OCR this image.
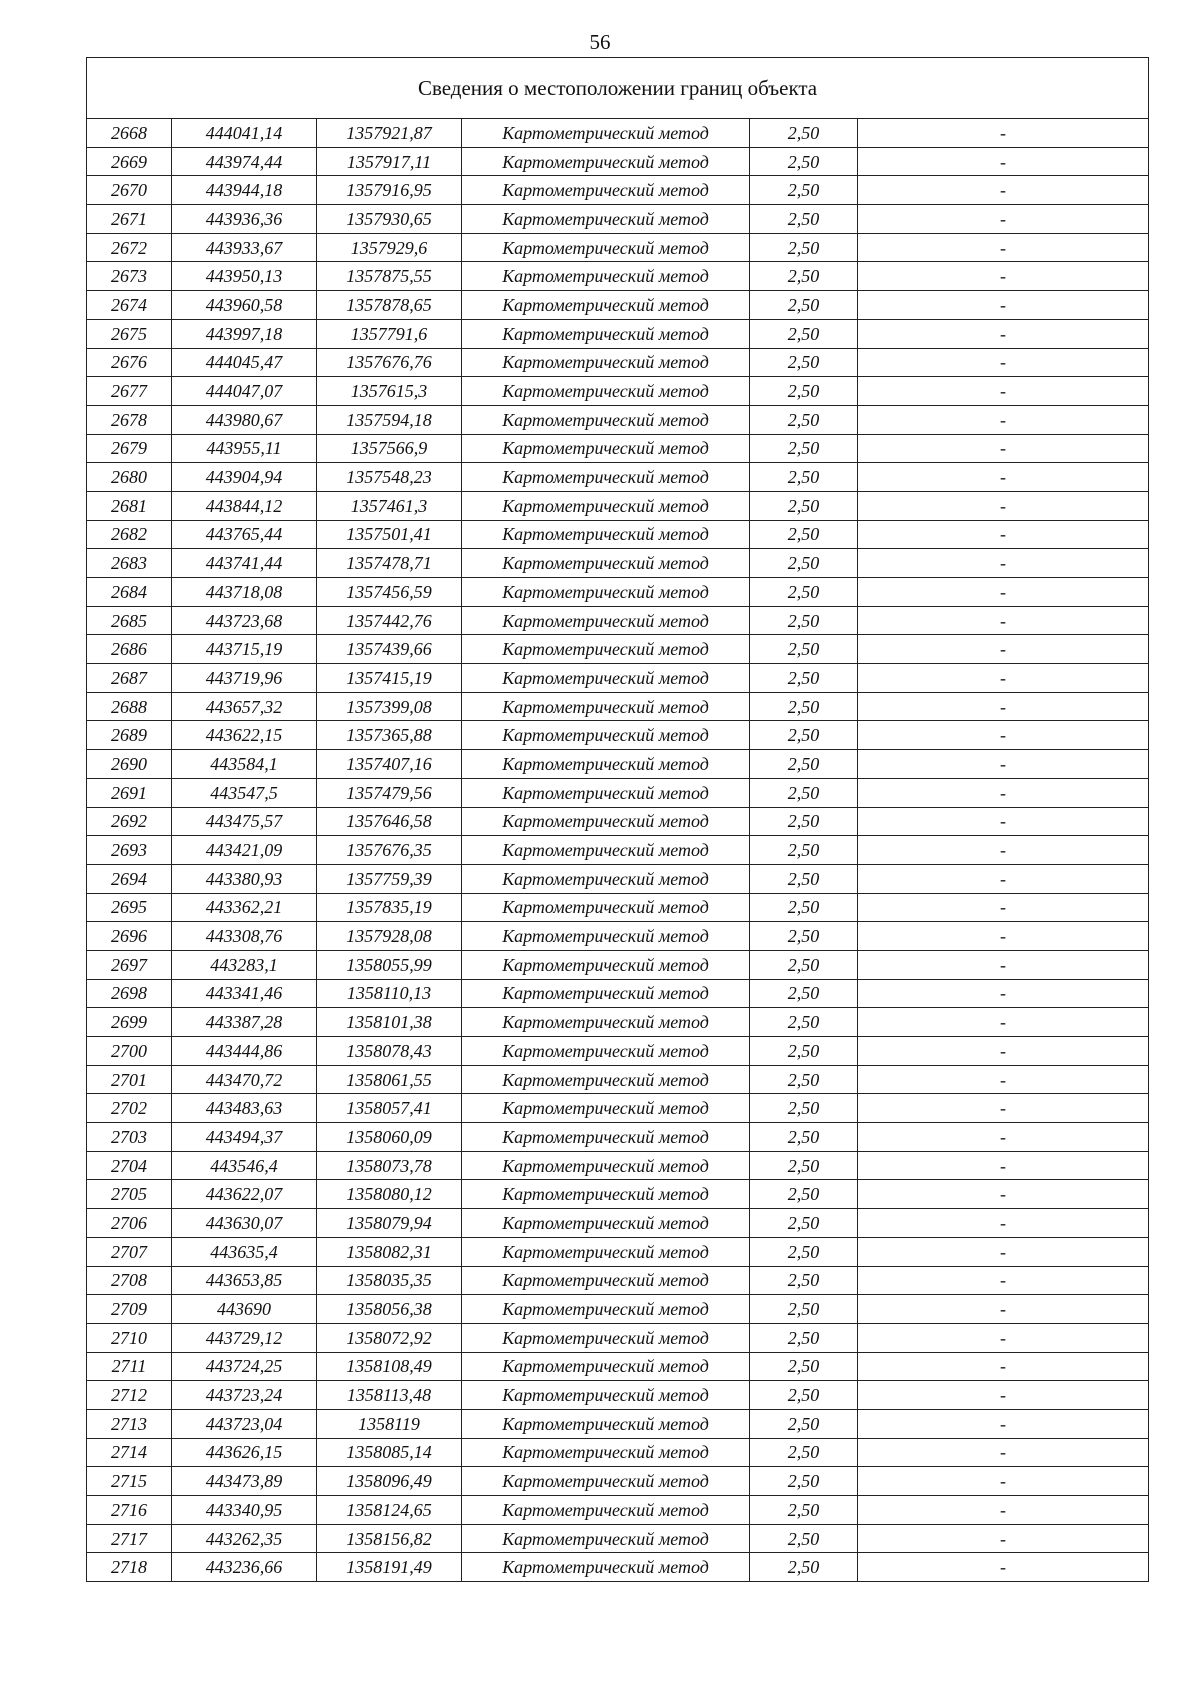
56
Сведения о местоположении границ объекта					
2668	444041,14	1357921,87	Картометрический метод	2,50	-
2669	443974,44	1357917,11	Картометрический метод	2,50	-
2670	443944,18	1357916,95	Картометрический метод	2,50	-
2671	443936,36	1357930,65	Картометрический метод	2,50	-
2672	443933,67	1357929,6	Картометрический метод	2,50	-
2673	443950,13	1357875,55	Картометрический метод	2,50	-
2674	443960,58	1357878,65	Картометрический метод	2,50	-
2675	443997,18	1357791,6	Картометрический метод	2,50	-
2676	444045,47	1357676,76	Картометрический метод	2,50	-
2677	444047,07	1357615,3	Картометрический метод	2,50	-
2678	443980,67	1357594,18	Картометрический метод	2,50	-
2679	443955,11	1357566,9	Картометрический метод	2,50	-
2680	443904,94	1357548,23	Картометрический метод	2,50	-
2681	443844,12	1357461,3	Картометрический метод	2,50	-
2682	443765,44	1357501,41	Картометрический метод	2,50	-
2683	443741,44	1357478,71	Картометрический метод	2,50	-
2684	443718,08	1357456,59	Картометрический метод	2,50	-
2685	443723,68	1357442,76	Картометрический метод	2,50	-
2686	443715,19	1357439,66	Картометрический метод	2,50	-
2687	443719,96	1357415,19	Картометрический метод	2,50	-
2688	443657,32	1357399,08	Картометрический метод	2,50	-
2689	443622,15	1357365,88	Картометрический метод	2,50	-
2690	443584,1	1357407,16	Картометрический метод	2,50	-
2691	443547,5	1357479,56	Картометрический метод	2,50	-
2692	443475,57	1357646,58	Картометрический метод	2,50	-
2693	443421,09	1357676,35	Картометрический метод	2,50	-
2694	443380,93	1357759,39	Картометрический метод	2,50	-
2695	443362,21	1357835,19	Картометрический метод	2,50	-
2696	443308,76	1357928,08	Картометрический метод	2,50	-
2697	443283,1	1358055,99	Картометрический метод	2,50	-
2698	443341,46	1358110,13	Картометрический метод	2,50	-
2699	443387,28	1358101,38	Картометрический метод	2,50	-
2700	443444,86	1358078,43	Картометрический метод	2,50	-
2701	443470,72	1358061,55	Картометрический метод	2,50	-
2702	443483,63	1358057,41	Картометрический метод	2,50	-
2703	443494,37	1358060,09	Картометрический метод	2,50	-
2704	443546,4	1358073,78	Картометрический метод	2,50	-
2705	443622,07	1358080,12	Картометрический метод	2,50	-
2706	443630,07	1358079,94	Картометрический метод	2,50	-
2707	443635,4	1358082,31	Картометрический метод	2,50	-
2708	443653,85	1358035,35	Картометрический метод	2,50	-
2709	443690	1358056,38	Картометрический метод	2,50	-
2710	443729,12	1358072,92	Картометрический метод	2,50	-
2711	443724,25	1358108,49	Картометрический метод	2,50	-
2712	443723,24	1358113,48	Картометрический метод	2,50	-
2713	443723,04	1358119	Картометрический метод	2,50	-
2714	443626,15	1358085,14	Картометрический метод	2,50	-
2715	443473,89	1358096,49	Картометрический метод	2,50	-
2716	443340,95	1358124,65	Картометрический метод	2,50	-
2717	443262,35	1358156,82	Картометрический метод	2,50	-
2718	443236,66	1358191,49	Картометрический метод	2,50	-
